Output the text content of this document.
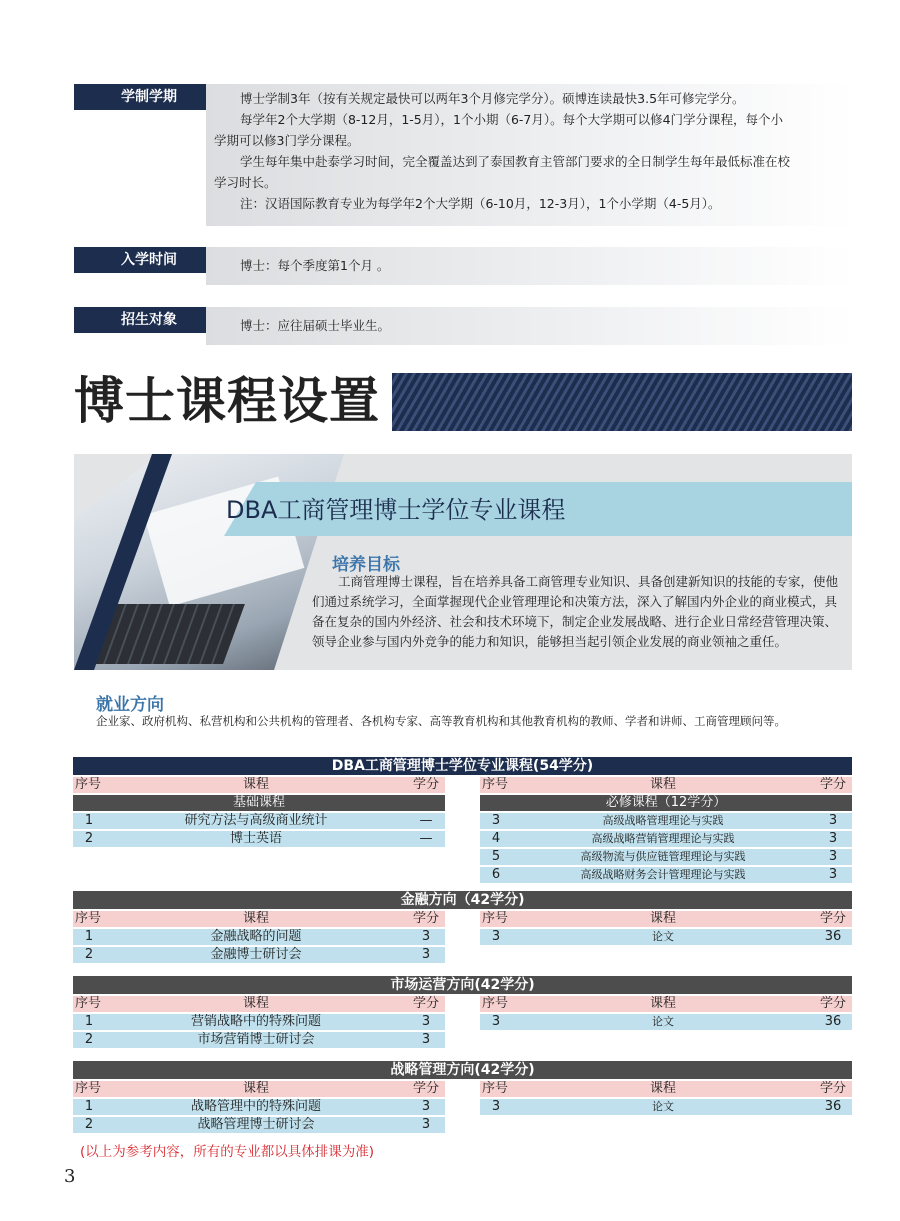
学制学期	博士学制3年（按有关规定最快可以两年3个月修完学分）。硕博连读最快3.5年可修完学分。

每学年2个大学期（8-12月，1-5月），1个小期（6-7月）。每个大学期可以修4门学分课程，每个小

学期可以修3门学分课程。

学生每年集中赴泰学习时间，完全覆盖达到了泰国教育主管部门要求的全日制学生每年最低标准在校

学习时长。

注：汉语国际教育专业为每学年2个大学期（6-10月，12-3月），1个小学期（4-5月）。

入学时间	博士：每个季度第1个月 。

招生对象	博士：应往届硕士毕业生。

博士课程设置
DBA工商管理博士学位专业课程
培养目标
工商管理博士课程，旨在培养具备工商管理专业知识、具备创建新知识的技能的专家，使他们通过系统学习，全面掌握现代企业管理理论和决策方法，深入了解国内外企业的商业模式，具备在复杂的国内外经济、社会和技术环境下，制定企业发展战略、进行企业日常经营管理决策、领导企业参与国内外竞争的能力和知识，能够担当起引领企业发展的商业领袖之重任。
就业方向
企业家、政府机构、私营机构和公共机构的管理者、各机构专家、高等教育机构和其他教育机构的教师、学者和讲师、工商管理顾问等。
DBA工商管理博士学位专业课程(54学分)						
序号	课程	学分		序号	课程	学分
基础课程				必修课程（12学分）		
1	研究方法与高级商业统计	—		3	高级战略管理理论与实践	3
2	博士英语	—		4	高级战略营销管理理论与实践	3
				5	高级物流与供应链管理理论与实践	3
				6	高级战略财务会计管理理论与实践	3
金融方向（42学分)						
序号	课程	学分		序号	课程	学分
1	金融战略的问题	3		3	论文	36
2	金融博士研讨会	3				
市场运营方向(42学分)						
序号	课程	学分		序号	课程	学分
1	营销战略中的特殊问题	3		3	论文	36
2	市场营销博士研讨会	3				
战略管理方向(42学分)						
序号	课程	学分		序号	课程	学分
1	战略管理中的特殊问题	3		3	论文	36
2	战略管理博士研讨会	3				
(以上为参考内容，所有的专业都以具体排课为准)
3
